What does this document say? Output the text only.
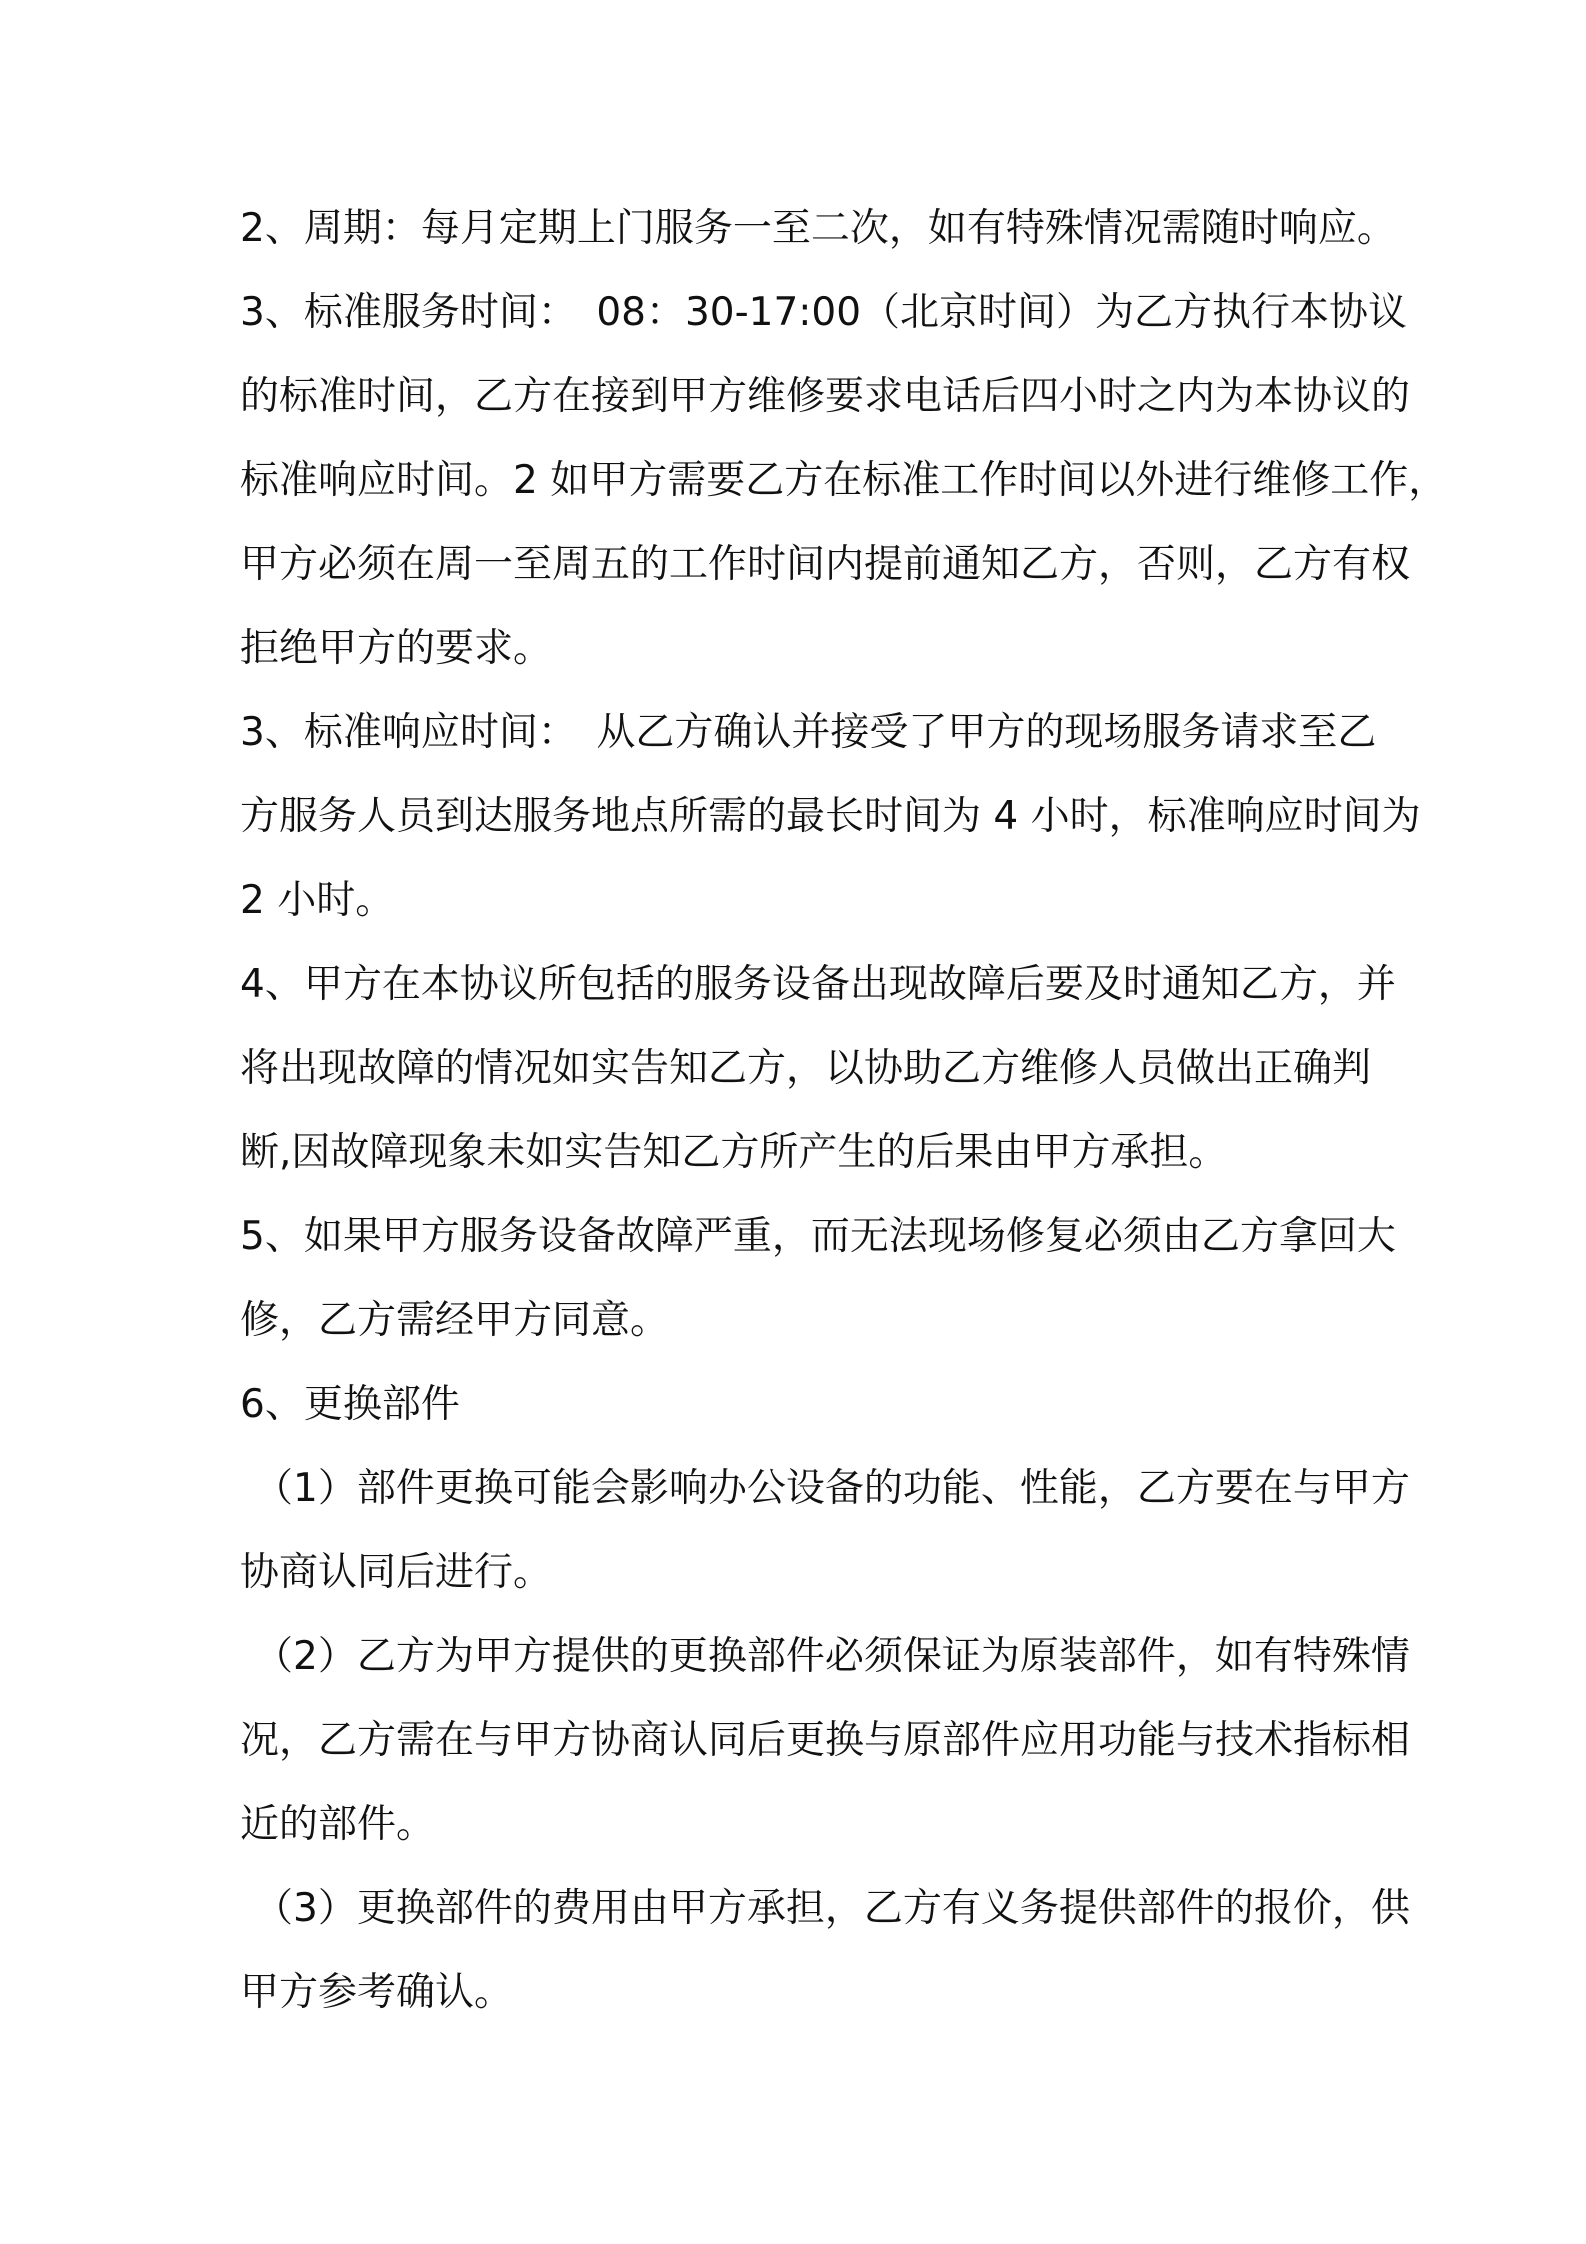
2、周期：每月定期上门服务一至二次，如有特殊情况需随时响应。

3、标准服务时间：　08：30-17:00（北京时间）为乙方执行本协议

的标准时间，乙方在接到甲方维修要求电话后四小时之内为本协议的

标准响应时间。2 如甲方需要乙方在标准工作时间以外进行维修工作，

甲方必须在周一至周五的工作时间内提前通知乙方，否则，乙方有权

拒绝甲方的要求。

3、标准响应时间：　从乙方确认并接受了甲方的现场服务请求至乙

方服务人员到达服务地点所需的最长时间为 4 小时，标准响应时间为

2 小时。

4、甲方在本协议所包括的服务设备出现故障后要及时通知乙方，并

将出现故障的情况如实告知乙方，以协助乙方维修人员做出正确判

断,因故障现象未如实告知乙方所产生的后果由甲方承担。

5、如果甲方服务设备故障严重，而无法现场修复必须由乙方拿回大

修，乙方需经甲方同意。

6、更换部件

（1）部件更换可能会影响办公设备的功能、性能，乙方要在与甲方

协商认同后进行。

（2）乙方为甲方提供的更换部件必须保证为原装部件，如有特殊情

况，乙方需在与甲方协商认同后更换与原部件应用功能与技术指标相

近的部件。

（3）更换部件的费用由甲方承担，乙方有义务提供部件的报价，供

甲方参考确认。
